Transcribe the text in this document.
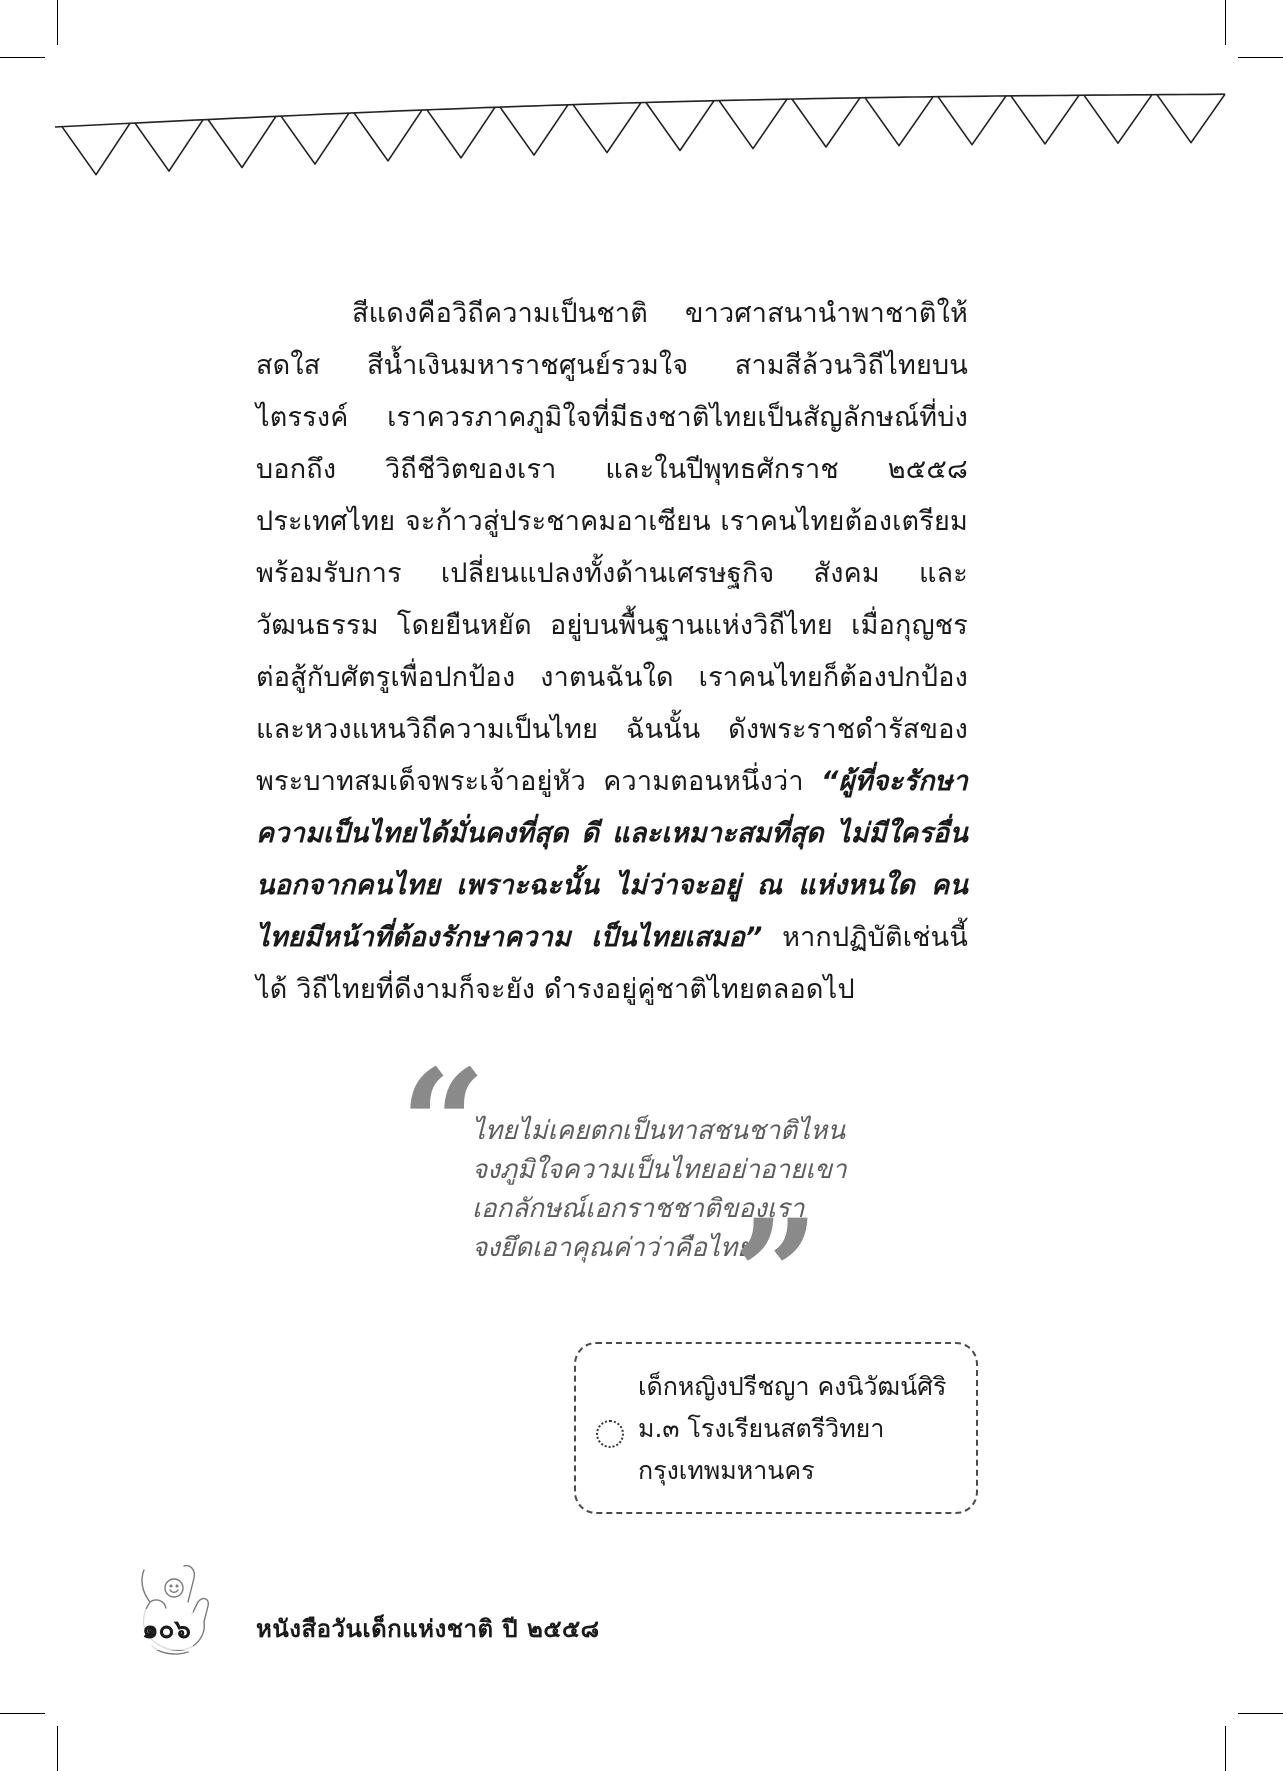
สีแดงคือวิถีความเป็นชาติ ขาวศาสนานำพาชาติให้สดใส สีน้ำเงินมหาราชศูนย์รวมใจ สามสีล้วนวิถีไทยบนไตรรงค์ เราควรภาคภูมิใจที่มีธงชาติไทยเป็นสัญลักษณ์ที่บ่งบอกถึง วิถีชีวิตของเรา และในปีพุทธศักราช ๒๕๕๘ ประเทศไทย จะก้าวสู่ประชาคมอาเซียน เราคนไทยต้องเตรียมพร้อมรับการ เปลี่ยนแปลงทั้งด้านเศรษฐกิจ สังคม และวัฒนธรรม โดยยืนหยัด อยู่บนพื้นฐานแห่งวิถีไทย เมื่อกุญชรต่อสู้กับศัตรูเพื่อปกป้อง งาตนฉันใด เราคนไทยก็ต้องปกป้องและหวงแหนวิถีความเป็นไทย ฉันนั้น ดังพระราชดำรัสของพระบาทสมเด็จพระเจ้าอยู่หัว ความตอนหนึ่งว่า “ผู้ที่จะรักษาความเป็นไทยได้มั่นคงที่สุด ดี และเหมาะสมที่สุด ไม่มีใครอื่นนอกจากคนไทย เพราะฉะนั้น ไม่ว่าจะอยู่ ณ แห่งหนใด คนไทยมีหน้าที่ต้องรักษาความ เป็นไทยเสมอ” หากปฏิบัติเช่นนี้ได้ วิถีไทยที่ดีงามก็จะยัง ดำรงอยู่คู่ชาติไทยตลอดไป

“
ไทยไม่เคยตกเป็นทาสชนชาติไหน
จงภูมิใจความเป็นไทยอย่าอายเขา
เอกลักษณ์เอกราชชาติของเรา
จงยึดเอาคุณค่าว่าคือไทย
”
เด็กหญิงปรีชญา คงนิวัฒน์ศิริ
ม.๓ โรงเรียนสตรีวิทยา
กรุงเทพมหานคร
๑๐๖	หนังสือวันเด็กแห่งชาติ ปี ๒๕๕๘
